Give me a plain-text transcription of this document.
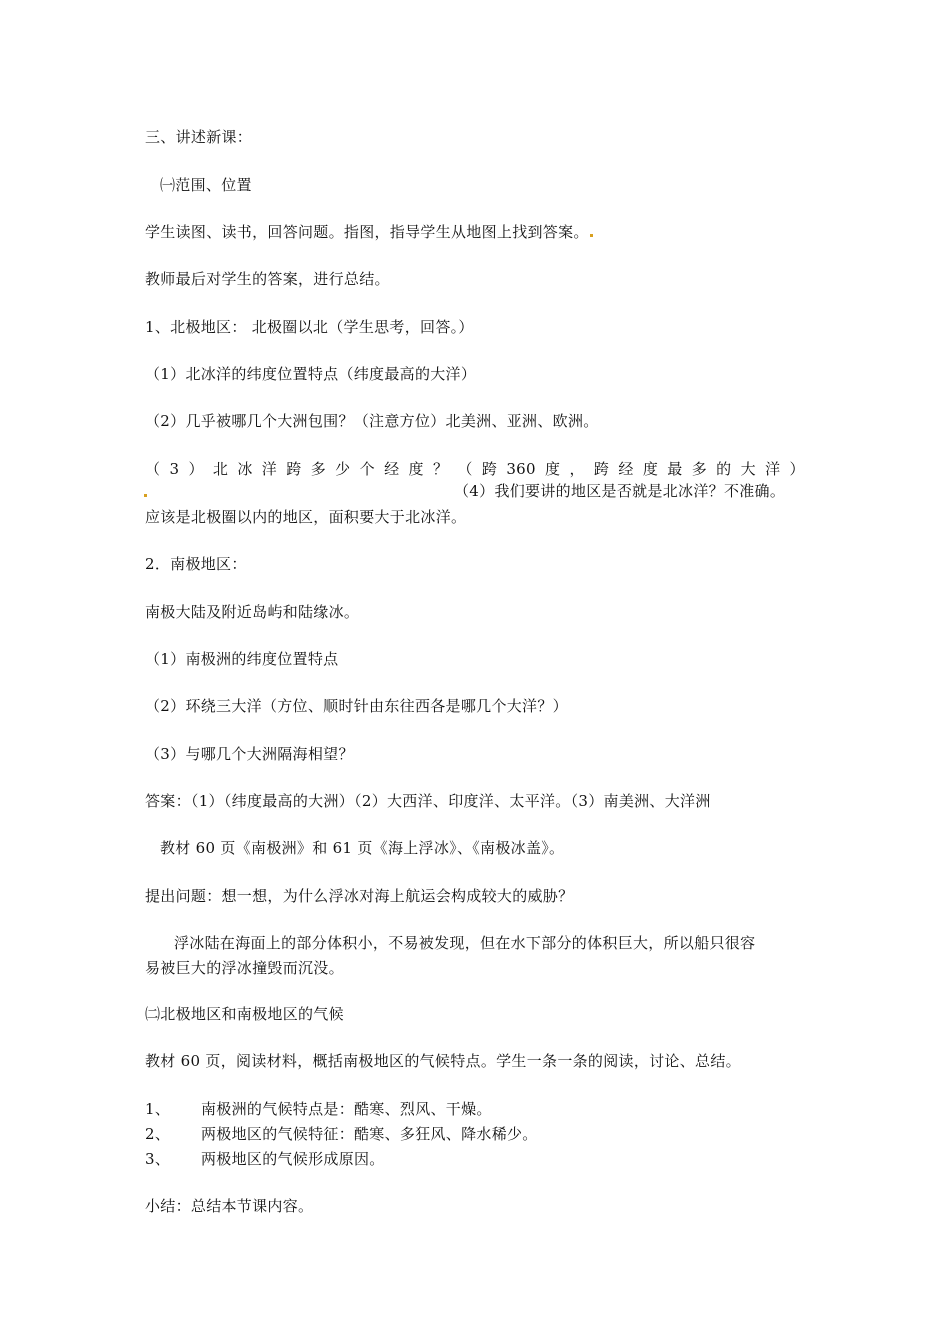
三、讲述新课：
㈠范围、位置
学生读图、读书，回答问题。指图，指导学生从地图上找到答案。
教师最后对学生的答案，进行总结。
1、北极地区： 北极圈以北（学生思考，回答。）
（1）北冰洋的纬度位置特点（纬度最高的大洋）
（2）几乎被哪几个大洲包围？（注意方位）北美洲、亚洲、欧洲。
（ 3 ） 北 冰 洋 跨 多 少 个 经 度 ？ （ 跨 360 度 ， 跨 经 度 最 多 的 大 洋 ）
（4）我们要讲的地区是否就是北冰洋？不准确。
应该是北极圈以内的地区，面积要大于北冰洋。
2．南极地区：
南极大陆及附近岛屿和陆缘冰。
（1）南极洲的纬度位置特点
（2）环绕三大洋（方位、顺时针由东往西各是哪几个大洋？）
（3）与哪几个大洲隔海相望？
答案：（1）（纬度最高的大洲）（2）大西洋、印度洋、太平洋。（3）南美洲、大洋洲
教材 60 页《南极洲》和 61 页《海上浮冰》、《南极冰盖》。
提出问题：想一想，为什么浮冰对海上航运会构成较大的威胁？
浮冰陆在海面上的部分体积小，不易被发现，但在水下部分的体积巨大，所以船只很容
易被巨大的浮冰撞毁而沉没。
㈡北极地区和南极地区的气候
教材 60 页，阅读材料，概括南极地区的气候特点。学生一条一条的阅读，讨论、总结。
1、 南极洲的气候特点是：酷寒、烈风、干燥。
2、 两极地区的气候特征：酷寒、多狂风、降水稀少。
3、 两极地区的气候形成原因。
小结：总结本节课内容。
